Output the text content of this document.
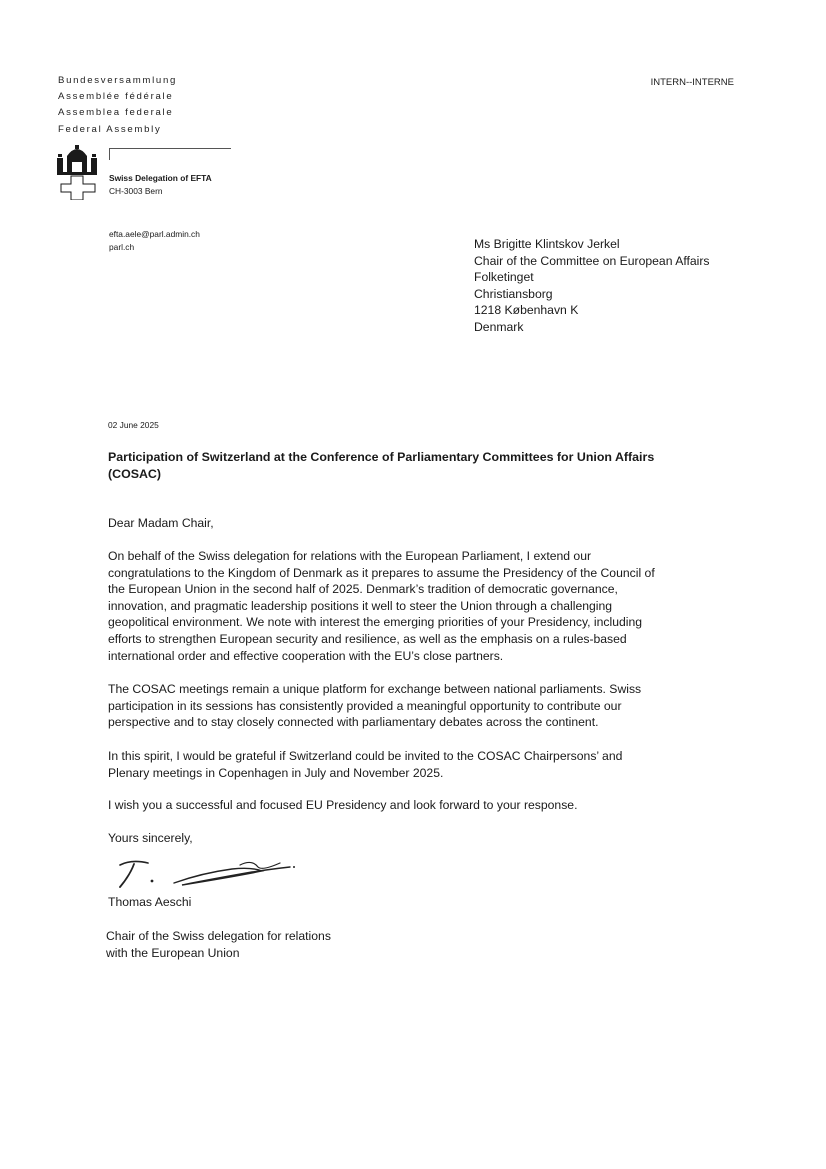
Bundesversammlung
Assemblée fédérale
Assemblea federale
Federal Assembly
INTERN--INTERNE
Swiss Delegation of EFTA
CH-3003 Bern
efta.aele@parl.admin.ch
parl.ch	Ms Brigitte Klintskov Jerkel
Chair of the Committee on European Affairs
Folketinget
Christiansborg
1218 København K
Denmark
02 June 2025
Participation of Switzerland at the Conference of Parliamentary Committees for Union Affairs (COSAC)
Dear Madam Chair,
On behalf of the Swiss delegation for relations with the European Parliament, I extend our
congratulations to the Kingdom of Denmark as it prepares to assume the Presidency of the Council of
the European Union in the second half of 2025. Denmark’s tradition of democratic governance,
innovation, and pragmatic leadership positions it well to steer the Union through a challenging
geopolitical environment. We note with interest the emerging priorities of your Presidency, including
efforts to strengthen European security and resilience, as well as the emphasis on a rules-based
international order and effective cooperation with the EU’s close partners.
The COSAC meetings remain a unique platform for exchange between national parliaments. Swiss
participation in its sessions has consistently provided a meaningful opportunity to contribute our
perspective and to stay closely connected with parliamentary debates across the continent.
In this spirit, I would be grateful if Switzerland could be invited to the COSAC Chairpersons’ and
Plenary meetings in Copenhagen in July and November 2025.
I wish you a successful and focused EU Presidency and look forward to your response.
Yours sincerely,
Thomas Aeschi
Chair of the Swiss delegation for relations
with the European Union
